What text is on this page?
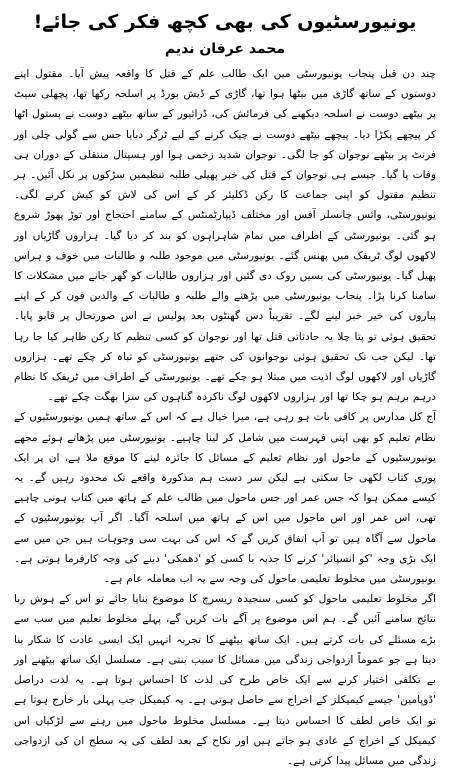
یونیورسٹیوں کی بھی کچھ فکر کی جائے!
محمد عرفان ندیم

چند دن قبل پنجاب یونیورسٹی میں ایک طالب علم کے قتل کا واقعہ پیش آیا۔ مقتول اپنے دوستوں کے ساتھ گاڑی میں بیٹھا ہوا تھا، گاڑی کے ڈیش بورڈ پر اسلحہ رکھا تھا، پچھلی سیٹ پر بیٹھے دوست نے اسلحہ دیکھنے کی فرمائش کی، ڈرائیور کے ساتھ بیٹھے دوست نے پستول اٹھا کر پیچھے پکڑا دیا۔ پیچھے بیٹھے دوست نے چیک کرنے کے لیے ٹرگر دبایا جس سے گولی چلی اور فرنٹ پر بیٹھے نوجوان کو جا لگی۔ نوجوان شدید زخمی ہوا اور ہسپتال منتقلی کے دوران ہی وفات پا گیا۔ جیسے ہی نوجوان کے قتل کی خبر پھیلی طلبہ تنظیمیں سڑکوں پر نکل آئیں۔ ہر تنظیم مقتول کو اپنی جماعت کا رکن ڈکلیئر کر کے اس کی لاش کو کیش کرنے لگی۔ یونیورسٹی، وائس چانسلر آفس اور مختلف ڈیپارٹمنٹس کے سامنے احتجاج اور توڑ پھوڑ شروع ہو گئی۔ یونیورسٹی کے اطراف میں تمام شاہراہوں کو بند کر دیا گیا۔ ہزاروں گاڑیاں اور لاکھوں لوگ ٹریفک میں پھنس گئے۔ یونیورسٹی میں موجود طلبہ و طالبات میں خوف و ہراس پھیل گیا۔ یونیورسٹی کی بسیں روک دی گئیں اور ہزاروں طالبات کو گھر جانے میں مشکلات کا سامنا کرنا پڑا۔ پنجاب یونیورسٹی میں پڑھنے والے طلبہ و طالبات کے والدین فون کر کے اپنے پیاروں کی خیر خبر لینے لگے۔ تقریباً دس گھنٹوں بعد پولیس نے اس صورتحال پر قابو پایا۔ تحقیق ہوئی تو پتا چلا یہ حادثاتی قتل تھا اور نوجوان کو کسی تنظیم کا رکن ظاہر کیا جا رہا تھا۔ لیکن جب تک تحقیق ہوئی نوجوانوں کی جتھے یونیورسٹی کو تباہ کر چکے تھے۔ ہزاروں گاڑیاں اور لاکھوں لوگ اذیت میں مبتلا ہو چکے تھے۔ یونیورسٹی کے اطراف میں ٹریفک کا نظام درہم برہم ہو چکا تھا اور ہزاروں لاکھوں لوگ ناکردہ گناہوں کی سزا بھگت چکے تھے۔

آج کل مدارس پر کافی بات ہو رہی ہے، میرا خیال ہے کہ اس کے ساتھ ہمیں یونیورسٹیوں کے نظام تعلیم کو بھی اپنی فہرست میں شامل کر لینا چاہیے۔ یونیورسٹی میں پڑھاتے ہوئے مجھے یونیورسٹیوں کے ماحول اور نظام تعلیم کے مسائل کا جائزہ لینے کا موقع ملا ہے، ان پر ایک پوری کتاب لکھی جا سکتی ہے لیکن سر دست ہم مذکورہ واقعے تک محدود رہیں گے۔ یہ کیسے ممکن ہوا کہ جس عمر اور جس ماحول میں طالب علم کے ہاتھ میں کتاب ہونی چاہیے تھی، اس عمر اور اس ماحول میں اس کے ہاتھ میں اسلحہ آگیا۔ اگر آپ یونیورسٹیوں کے ماحول سے آگاہ ہیں تو آپ اتفاق کریں گے کہ اس کی بہت سی وجوہات ہیں جن میں سے ایک بڑی وجہ 'کو انسپائر' کرنے کا جذبہ یا کسی کو 'دھمکی' دینے کی وجہ کارفرما ہوتی ہے۔ یونیورسٹی میں مخلوط تعلیمی ماحول کی وجہ سے یہ اب معاملہ عام ہے۔

اگر مخلوط تعلیمی ماحول کو کسی سنجیدہ ریسرچ کا موضوع بنایا جائے تو اس کے ہوش ربا نتائج سامنے آئیں گے۔ ہم اس موضوع پر آگے بات کریں گے، پہلے مخلوط تعلیم میں سب سے بڑے مسئلے کی بات کرتے ہیں۔ ایک ساتھ بیٹھنے کا تجربہ انہیں ایک ایسی عادت کا شکار بنا دیتا ہے جو عموماً ازدواجی زندگی میں مسائل کا سبب بنتی ہے۔ مسلسل ایک ساتھ بیٹھنے اور بے تکلفی اختیار کرنے سے ایک خاص طرح کی لذت کا احساس ہوتا ہے۔ یہ لذت دراصل 'ڈوپامین' جیسے کیمیکلز کے اخراج سے حاصل ہوتی ہے۔ یہ کیمیکل جب پہلی بار خارج ہوتا ہے تو ایک خاص لطف کا احساس دیتا ہے۔ مسلسل مخلوط ماحول میں رہنے سے لڑکیاں اس کیمیکل کے اخراج کے عادی ہو جاتے ہیں اور نکاح کے بعد لطف کی یہ سطح ان کی ازدواجی زندگی میں مسائل پیدا کرتی ہے۔
